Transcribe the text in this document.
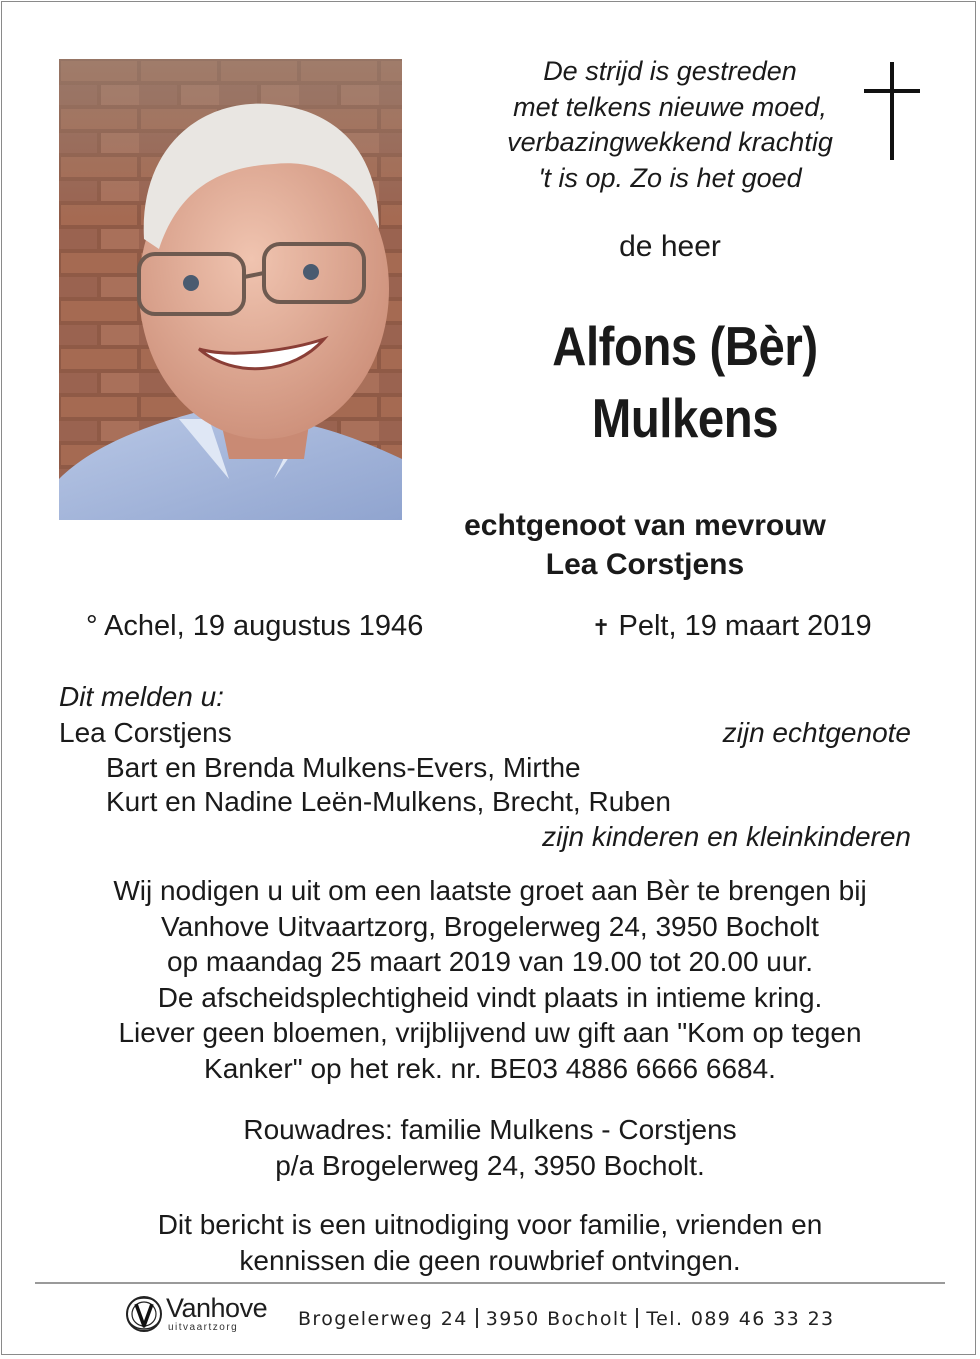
De strijd is gestreden
met telkens nieuwe moed,
verbazingwekkend krachtig
't is op. Zo is het goed
de heer
Alfons (Bèr)
Mulkens
echtgenoot van mevrouw
Lea Corstjens
° Achel, 19 augustus 1946	✝ Pelt, 19 maart 2019
Dit melden u:
Lea Corstjens	zijn echtgenote
Bart en Brenda Mulkens-Evers, Mirthe
Kurt en Nadine Leën-Mulkens, Brecht, Ruben
zijn kinderen en kleinkinderen
Wij nodigen u uit om een laatste groet aan Bèr te brengen bij
Vanhove Uitvaartzorg, Brogelerweg 24, 3950 Bocholt
op maandag 25 maart 2019 van 19.00 tot 20.00 uur.
De afscheidsplechtigheid vindt plaats in intieme kring.
Liever geen bloemen, vrijblijvend uw gift aan "Kom op tegen
Kanker" op het rek. nr. BE03 4886 6666 6684.
Rouwadres: familie Mulkens - Corstjens
p/a Brogelerweg 24, 3950 Bocholt.
Dit bericht is een uitnodiging voor familie, vrienden en
kennissen die geen rouwbrief ontvingen.
Vanhove
uitvaartzorg	Brogelerweg 24 3950 Bocholt Tel. 089 46 33 23
